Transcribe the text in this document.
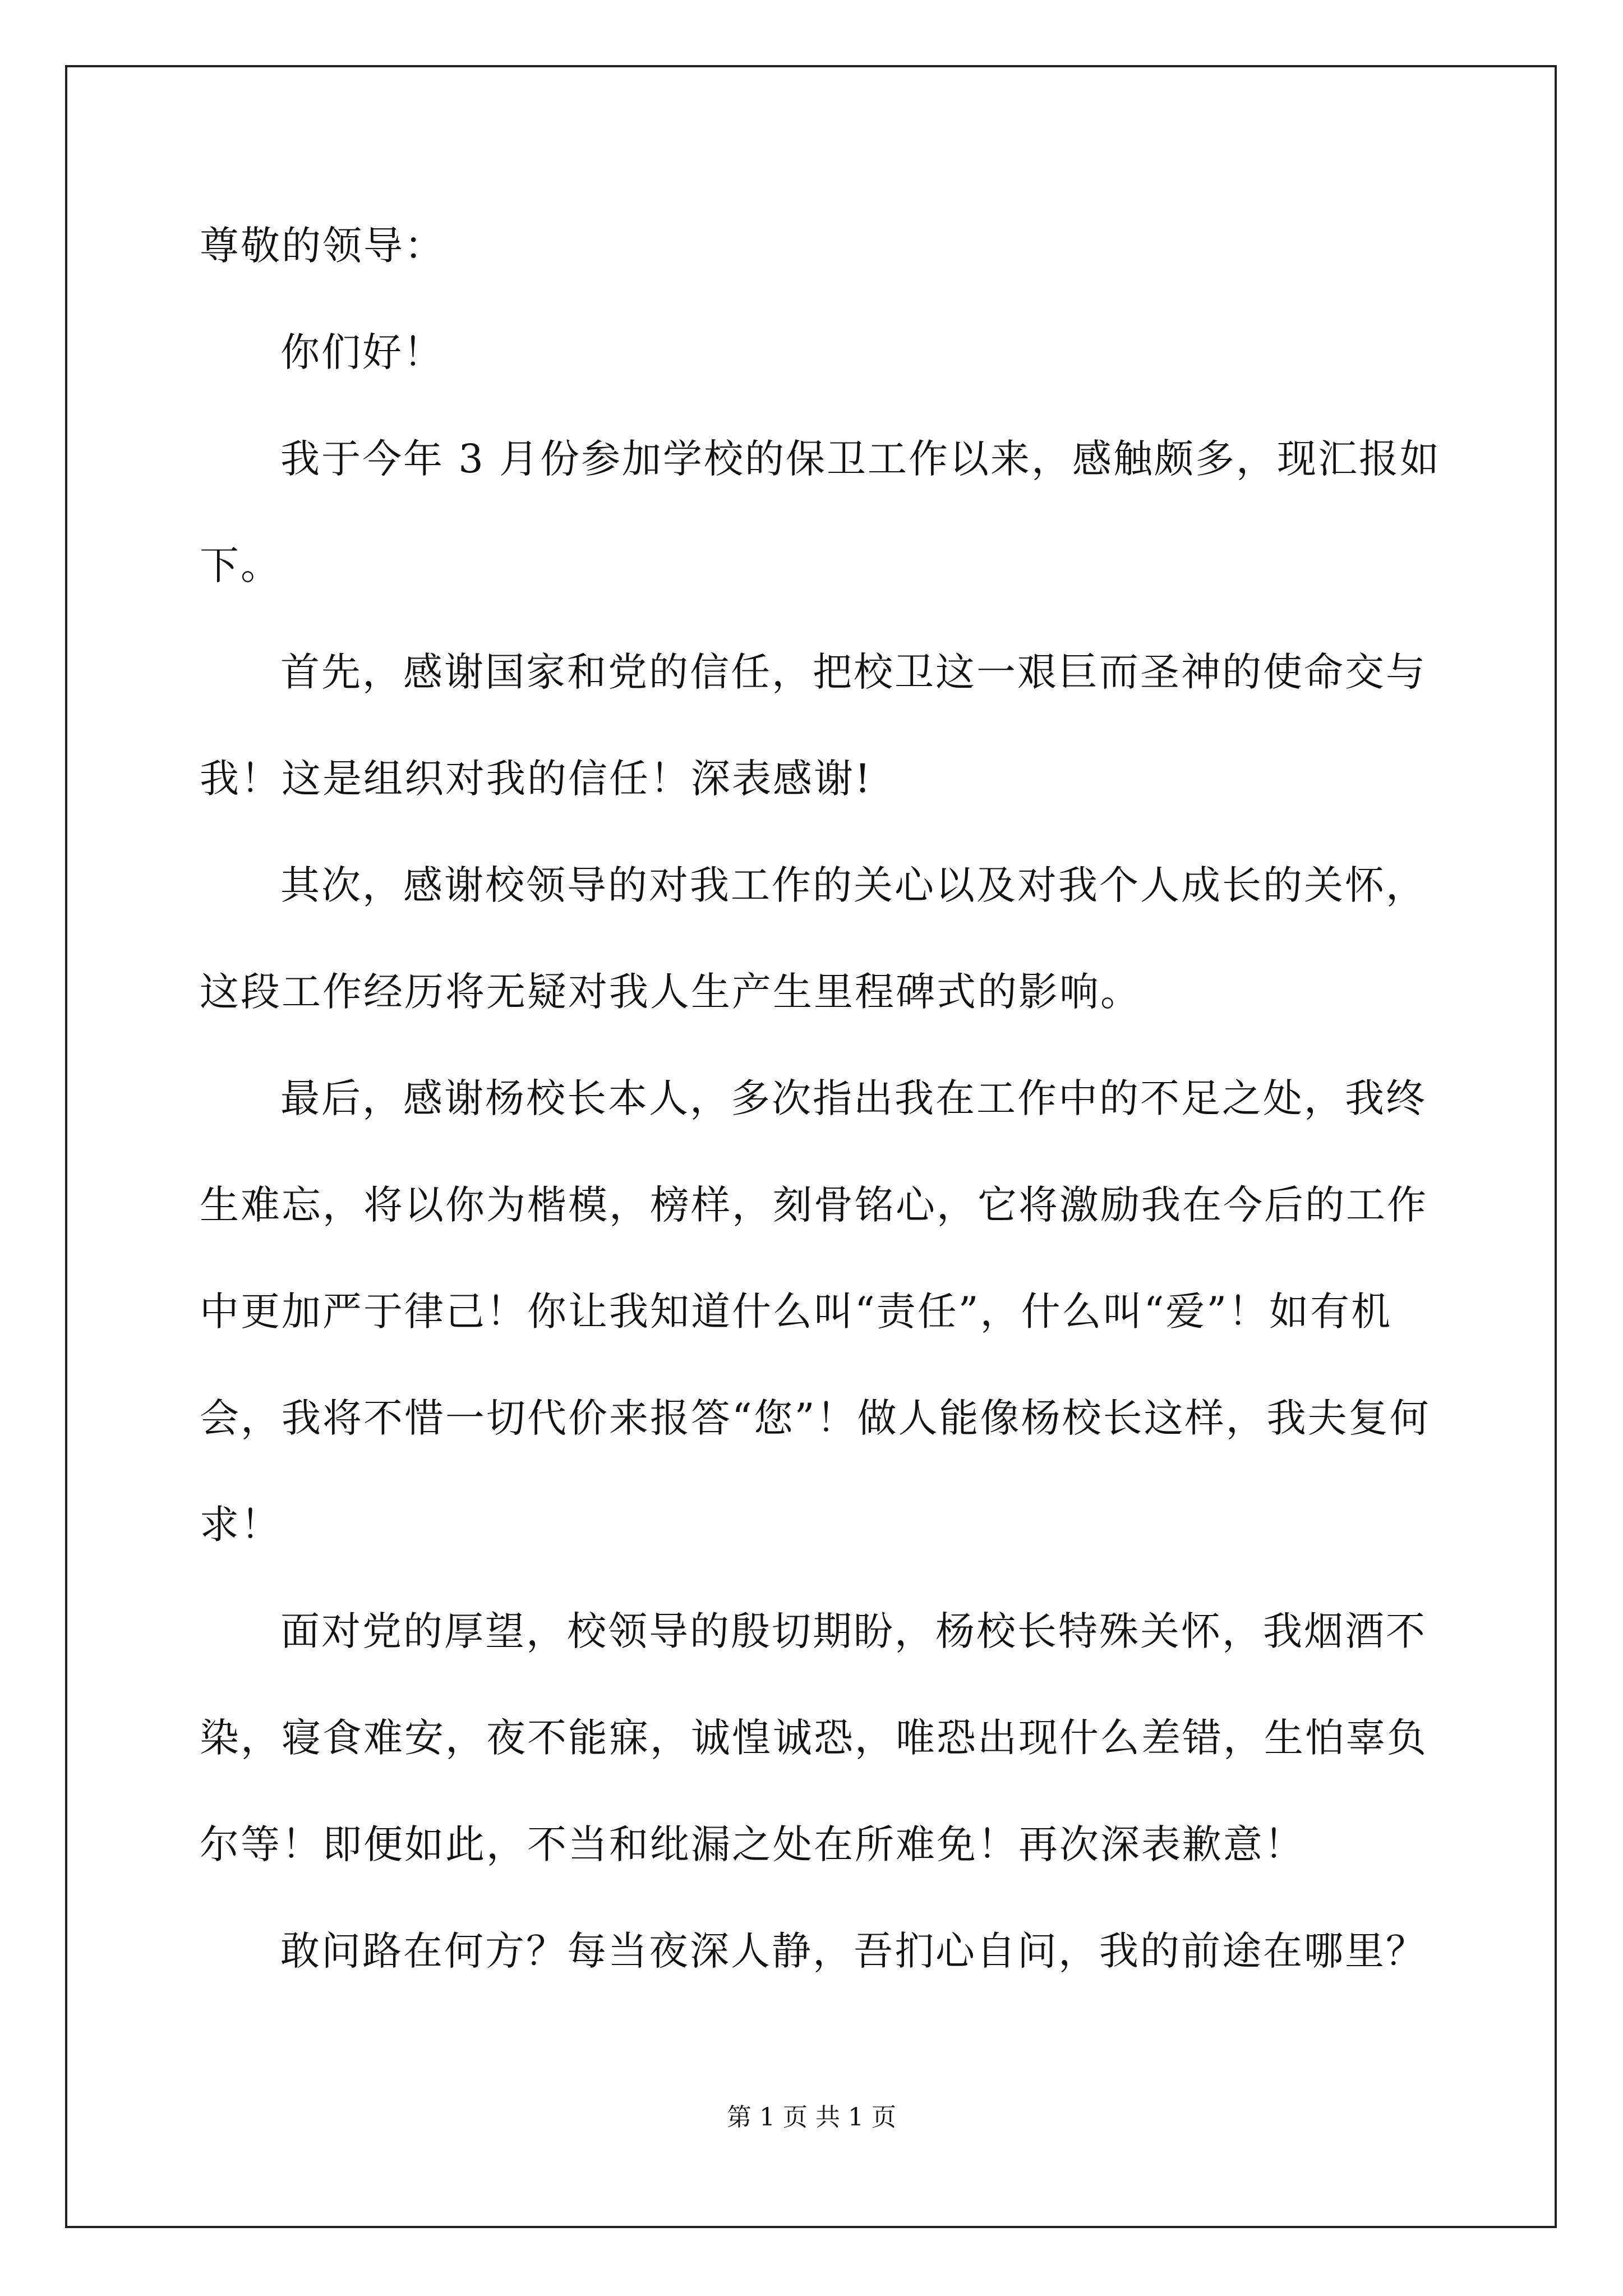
尊敬的领导：
你们好！
我于今年 3 月份参加学校的保卫工作以来，感触颇多，现汇报如
下。
首先，感谢国家和党的信任，把校卫这一艰巨而圣神的使命交与
我！这是组织对我的信任！深表感谢!
其次，感谢校领导的对我工作的关心以及对我个人成长的关怀，
这段工作经历将无疑对我人生产生里程碑式的影响。
最后，感谢杨校长本人，多次指出我在工作中的不足之处，我终
生难忘，将以你为楷模，榜样，刻骨铭心，它将激励我在今后的工作
中更加严于律己！你让我知道什么叫“责任”，什么叫“爱”！如有机
会，我将不惜一切代价来报答“您”！做人能像杨校长这样，我夫复何
求！
面对党的厚望，校领导的殷切期盼，杨校长特殊关怀，我烟酒不
染，寝食难安，夜不能寐，诚惶诚恐，唯恐出现什么差错，生怕辜负
尔等！即便如此，不当和纰漏之处在所难免！再次深表歉意！
敢问路在何方？每当夜深人静，吾扪心自问，我的前途在哪里？
第 1 页 共 1 页
